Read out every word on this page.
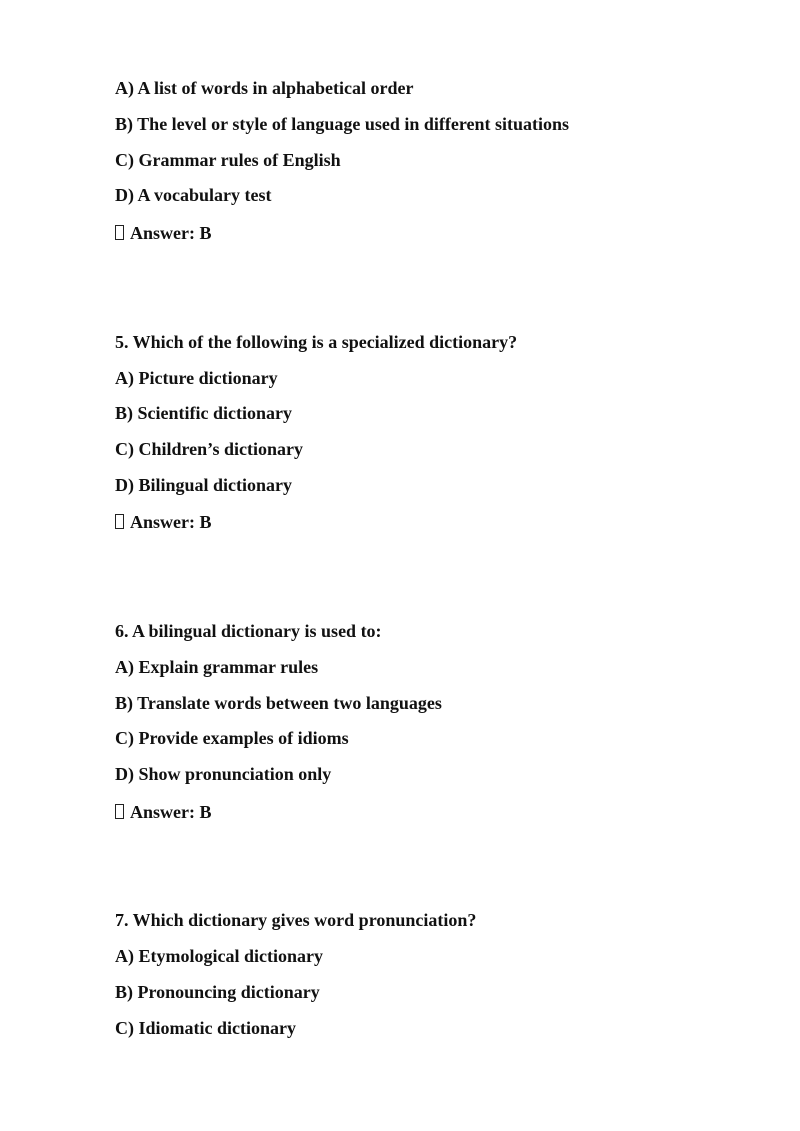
A) A list of words in alphabetical order
B) The level or style of language used in different situations
C) Grammar rules of English
D) A vocabulary test
Answer: B
5. Which of the following is a specialized dictionary?
A) Picture dictionary
B) Scientific dictionary
C) Children’s dictionary
D) Bilingual dictionary
Answer: B
6. A bilingual dictionary is used to:
A) Explain grammar rules
B) Translate words between two languages
C) Provide examples of idioms
D) Show pronunciation only
Answer: B
7. Which dictionary gives word pronunciation?
A) Etymological dictionary
B) Pronouncing dictionary
C) Idiomatic dictionary
